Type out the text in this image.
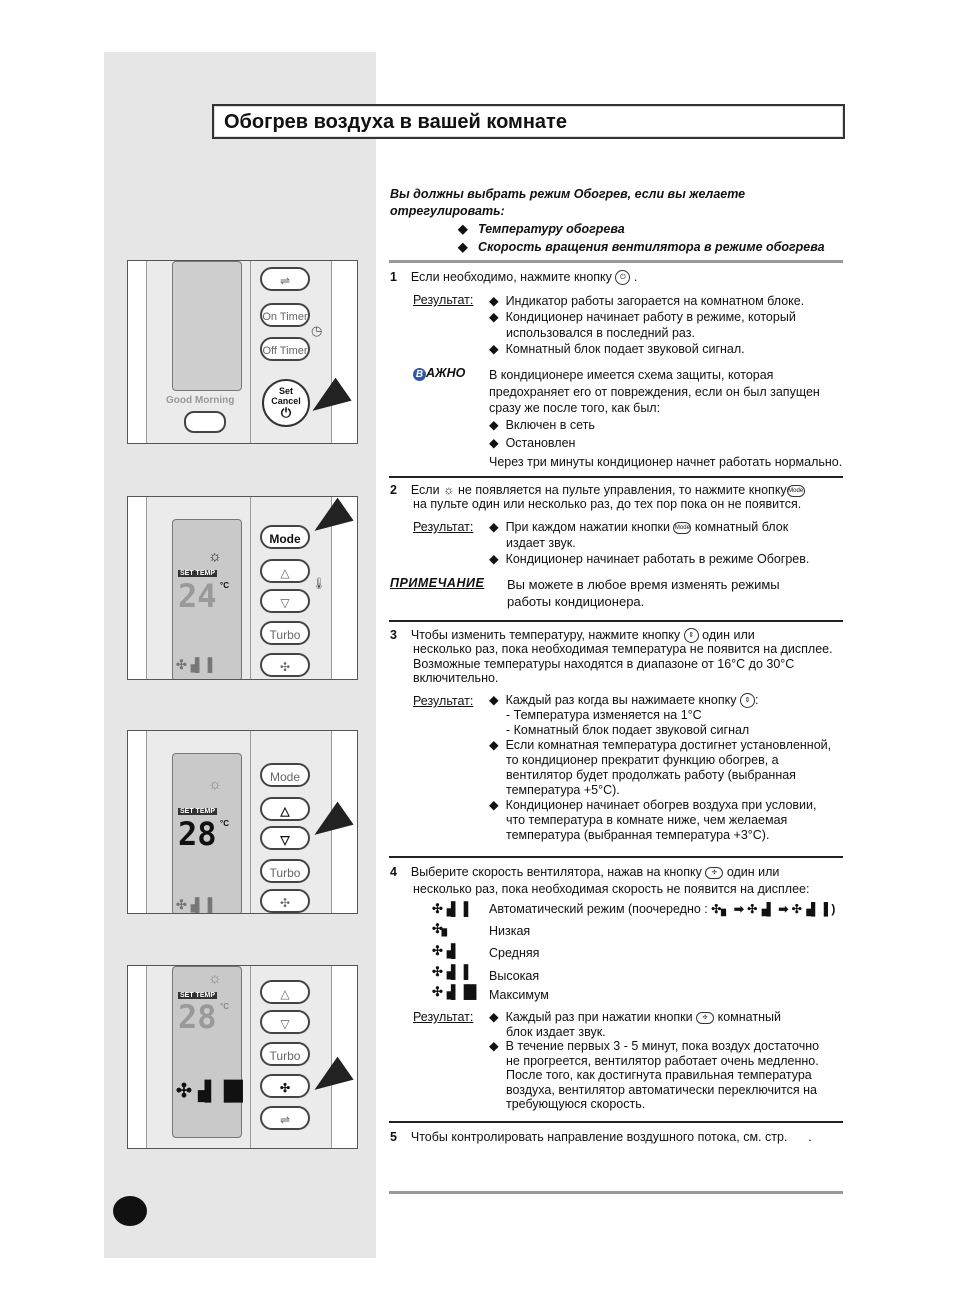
Обогрев воздуха в вашей комнате
Вы должны выбрать режим Обогрев, если вы желаете
отрегулировать:
◆ Температуру обогрева
◆ Скорость вращения вентилятора в режиме обогрева
1 Если необходимо, нажмите кнопку ⏻ .
Результат: ◆  Индикатор работы загорается на комнатном блоке.
◆  Кондиционер начинает работу в режиме, который
использовался в последний раз.
◆  Комнатный блок подает звуковой сигнал.
В АЖНО В кондиционере имеется схема защиты, которая
предохраняет его от повреждения, если он был запущен
сразу же после того, как был:
◆  Включен в сеть
◆  Остановлен
Через три минуты кондиционер начнет работать нормально.
2 Если ☼ не появляется на пульте управления, то нажмите кнопкуMode
на пульте один или несколько раз, до тех пор пока он не появится.
Результат: ◆  При каждом нажатии кнопки Mode комнатный блок
издает звук.
◆  Кондиционер начинает работать в режиме Обогрев.
ПРИМЕЧАНИЕ Вы можете в любое время изменять режимы
работы кондиционера.
3 Чтобы изменить температуру, нажмите кнопку ⇕ один или
несколько раз, пока необходимая температура не появится на дисплее.
Возможные температуры находятся в диапазоне от 16°C до 30°C
включительно.
Результат: ◆  Каждый раз когда вы нажимаете кнопку ⇕ :
- Температура изменяется на 1°C
- Комнатный блок подает звуковой сигнал
◆  Если комнатная температура достигнет установленной,
то кондиционер прекратит функцию обогрев, а
вентилятор будет продолжать работу (выбранная
температура +5°C).
◆  Кондиционер начинает обогрев воздуха при условии,
что температура в комнате ниже, чем желаемая
температура (выбранная температура +3°C).
4 Выберите скорость вентилятора, нажав на кнопку ✣ один или
несколько раз, пока необходимая скорость не появится на дисплее:
✣▗▌▐ Автоматический режим (поочередно : ✣▖ ➡ ✣▗▌ ➡ ✣▗▌▐ )
✣▖	Низкая
✣▗▌ Средняя
✣▗▌▐ Высокая
✣▗▌▐█ Максимум
Результат: ◆  Каждый раз при нажатии кнопки ✣ комнатный
блок издает звук.
◆  В течение первых 3 - 5 минут, пока воздух достаточно
не прогреется, вентилятор работает очень медленно.
После того, как достигнута правильная температура
воздуха, вентилятор автоматически переключится на
требующуюся скорость.
5 Чтобы контролировать направление воздушного потока, см. стр. .
Good Morning
⇌
On Timer
◷
Off Timer
Set
Cancel
⏻
☼
SET TEMP
24 °C
✣▗▌▐
Mode
△
🌡
▽
Turbo
✣
☼
SET TEMP
28 °C
✣▗▌▐
Mode
△
▽
Turbo
✣
☼
SET TEMP
28 °C
✣▗▌▐█
△
▽
Turbo
✣
⇌
